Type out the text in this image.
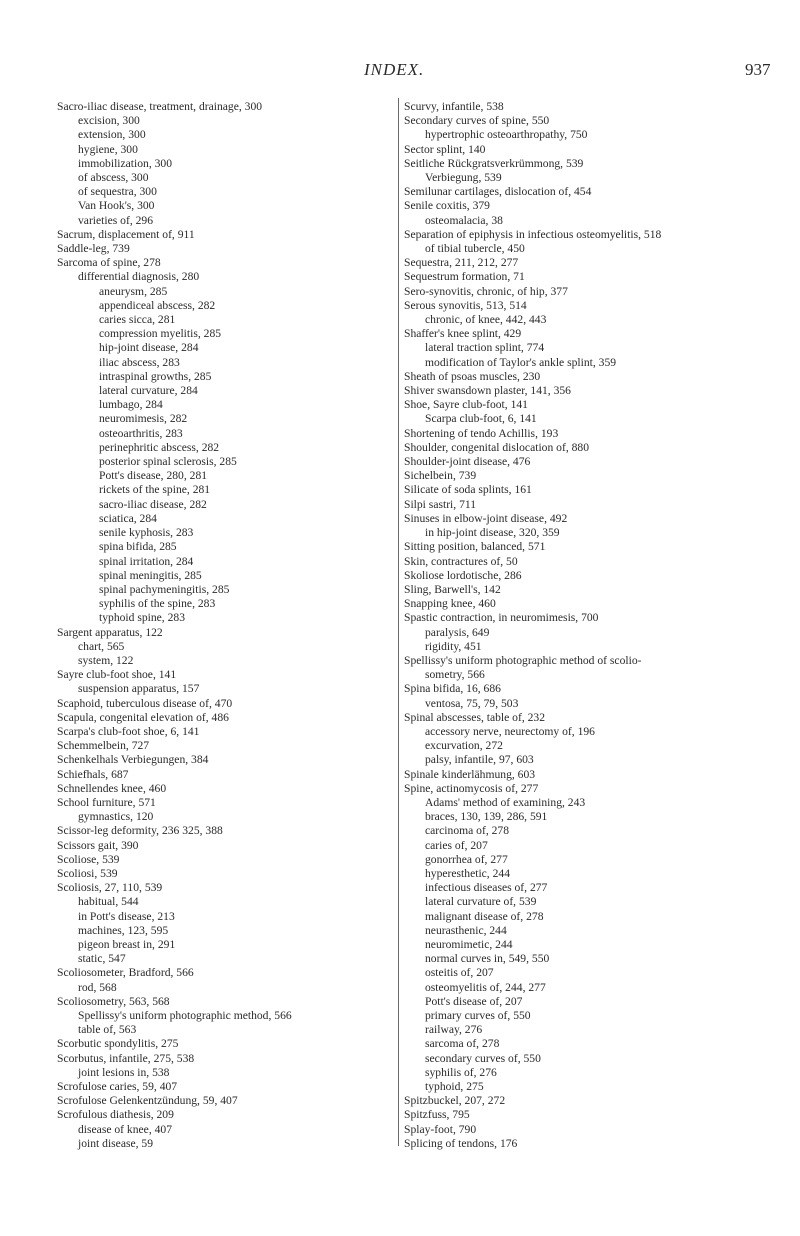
INDEX.	937
Sacro-iliac disease, treatment, drainage, 300
excision, 300
extension, 300
hygiene, 300
immobilization, 300
of abscess, 300
of sequestra, 300
Van Hook's, 300
varieties of, 296
Sacrum, displacement of, 911
Saddle-leg, 739
Sarcoma of spine, 278
differential diagnosis, 280
aneurysm, 285
appendiceal abscess, 282
caries sicca, 281
compression myelitis, 285
hip-joint disease, 284
iliac abscess, 283
intraspinal growths, 285
lateral curvature, 284
lumbago, 284
neuromimesis, 282
osteoarthritis, 283
perinephritic abscess, 282
posterior spinal sclerosis, 285
Pott's disease, 280, 281
rickets of the spine, 281
sacro-iliac disease, 282
sciatica, 284
senile kyphosis, 283
spina bifida, 285
spinal irritation, 284
spinal meningitis, 285
spinal pachymeningitis, 285
syphilis of the spine, 283
typhoid spine, 283
Sargent apparatus, 122
chart, 565
system, 122
Sayre club-foot shoe, 141
suspension apparatus, 157
Scaphoid, tuberculous disease of, 470
Scapula, congenital elevation of, 486
Scarpa's club-foot shoe, 6, 141
Schemmelbein, 727
Schenkelhals Verbiegungen, 384
Schiefhals, 687
Schnellendes knee, 460
School furniture, 571
gymnastics, 120
Scissor-leg deformity, 236 325, 388
Scissors gait, 390
Scoliose, 539
Scoliosi, 539
Scoliosis, 27, 110, 539
habitual, 544
in Pott's disease, 213
machines, 123, 595
pigeon breast in, 291
static, 547
Scoliosometer, Bradford, 566
rod, 568
Scoliosometry, 563, 568
Spellissy's uniform photographic method, 566
table of, 563
Scorbutic spondylitis, 275
Scorbutus, infantile, 275, 538
joint lesions in, 538
Scrofulose caries, 59, 407
Scrofulose Gelenkentzündung, 59, 407
Scrofulous diathesis, 209
disease of knee, 407
joint disease, 59
Scurvy, infantile, 538
Secondary curves of spine, 550
hypertrophic osteoarthropathy, 750
Sector splint, 140
Seitliche Rückgratsverkrümmong, 539
Verbiegung, 539
Semilunar cartilages, dislocation of, 454
Senile coxitis, 379
osteomalacia, 38
Separation of epiphysis in infectious osteomyelitis, 518
of tibial tubercle, 450
Sequestra, 211, 212, 277
Sequestrum formation, 71
Sero-synovitis, chronic, of hip, 377
Serous synovitis, 513, 514
chronic, of knee, 442, 443
Shaffer's knee splint, 429
lateral traction splint, 774
modification of Taylor's ankle splint, 359
Sheath of psoas muscles, 230
Shiver swansdown plaster, 141, 356
Shoe, Sayre club-foot, 141
Scarpa club-foot, 6, 141
Shortening of tendo Achillis, 193
Shoulder, congenital dislocation of, 880
Shoulder-joint disease, 476
Sichelbein, 739
Silicate of soda splints, 161
Silpi sastri, 711
Sinuses in elbow-joint disease, 492
in hip-joint disease, 320, 359
Sitting position, balanced, 571
Skin, contractures of, 50
Skoliose lordotische, 286
Sling, Barwell's, 142
Snapping knee, 460
Spastic contraction, in neuromimesis, 700
paralysis, 649
rigidity, 451
Spellissy's uniform photographic method of scolio-
sometry, 566
Spina bifida, 16, 686
ventosa, 75, 79, 503
Spinal abscesses, table of, 232
accessory nerve, neurectomy of, 196
excurvation, 272
palsy, infantile, 97, 603
Spinale kinderlähmung, 603
Spine, actinomycosis of, 277
Adams' method of examining, 243
braces, 130, 139, 286, 591
carcinoma of, 278
caries of, 207
gonorrhea of, 277
hyperesthetic, 244
infectious diseases of, 277
lateral curvature of, 539
malignant disease of, 278
neurasthenic, 244
neuromimetic, 244
normal curves in, 549, 550
osteitis of, 207
osteomyelitis of, 244, 277
Pott's disease of, 207
primary curves of, 550
railway, 276
sarcoma of, 278
secondary curves of, 550
syphilis of, 276
typhoid, 275
Spitzbuckel, 207, 272
Spitzfuss, 795
Splay-foot, 790
Splicing of tendons, 176
